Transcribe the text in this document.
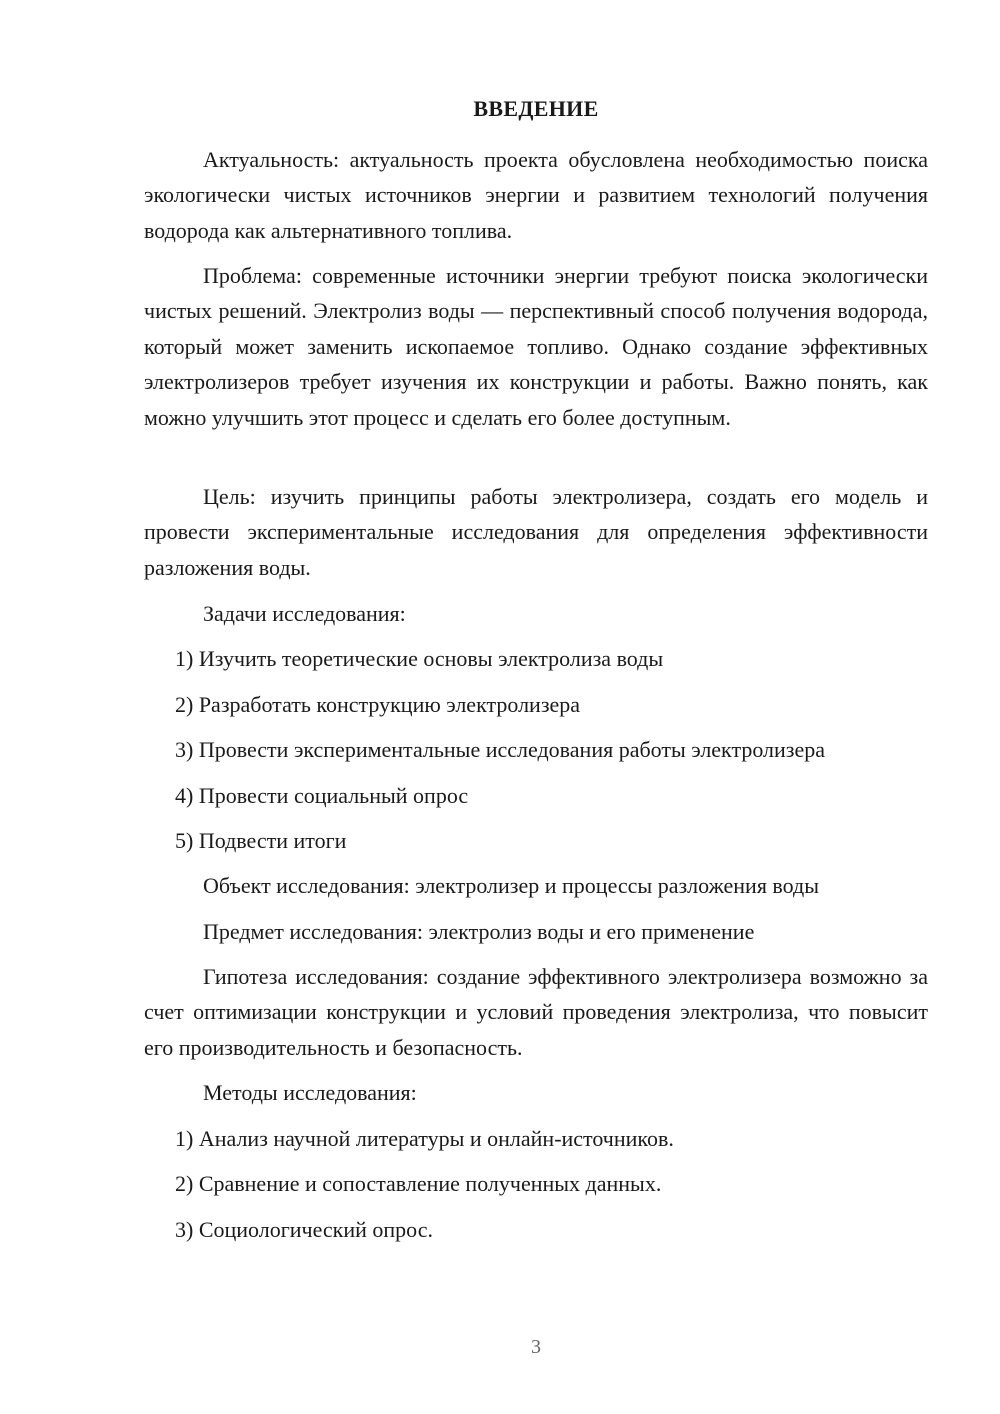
ВВЕДЕНИЕ

Актуальность: актуальность проекта обусловлена необходимостью поиска экологически чистых источников энергии и развитием технологий получения водорода как альтернативного топлива.

Проблема: современные источники энергии требуют поиска экологически чистых решений. Электролиз воды — перспективный способ получения водорода, который может заменить ископаемое топливо. Однако создание эффективных электролизеров требует изучения их конструкции и работы. Важно понять, как можно улучшить этот процесс и сделать его более доступным.

Цель: изучить принципы работы электролизера, создать его модель и провести экспериментальные исследования для определения эффективности разложения воды.

Задачи исследования:

1) Изучить теоретические основы электролиза воды

2) Разработать конструкцию электролизера

3) Провести экспериментальные исследования работы электролизера

4) Провести социальный опрос

5) Подвести итоги

Объект исследования: электролизер и процессы разложения воды

Предмет исследования: электролиз воды и его применение

Гипотеза исследования: создание эффективного электролизера возможно за счет оптимизации конструкции и условий проведения электролиза, что повысит его производительность и безопасность.

Методы исследования:

1) Анализ научной литературы и онлайн-источников.

2) Сравнение и сопоставление полученных данных.

3) Социологический опрос.

3
